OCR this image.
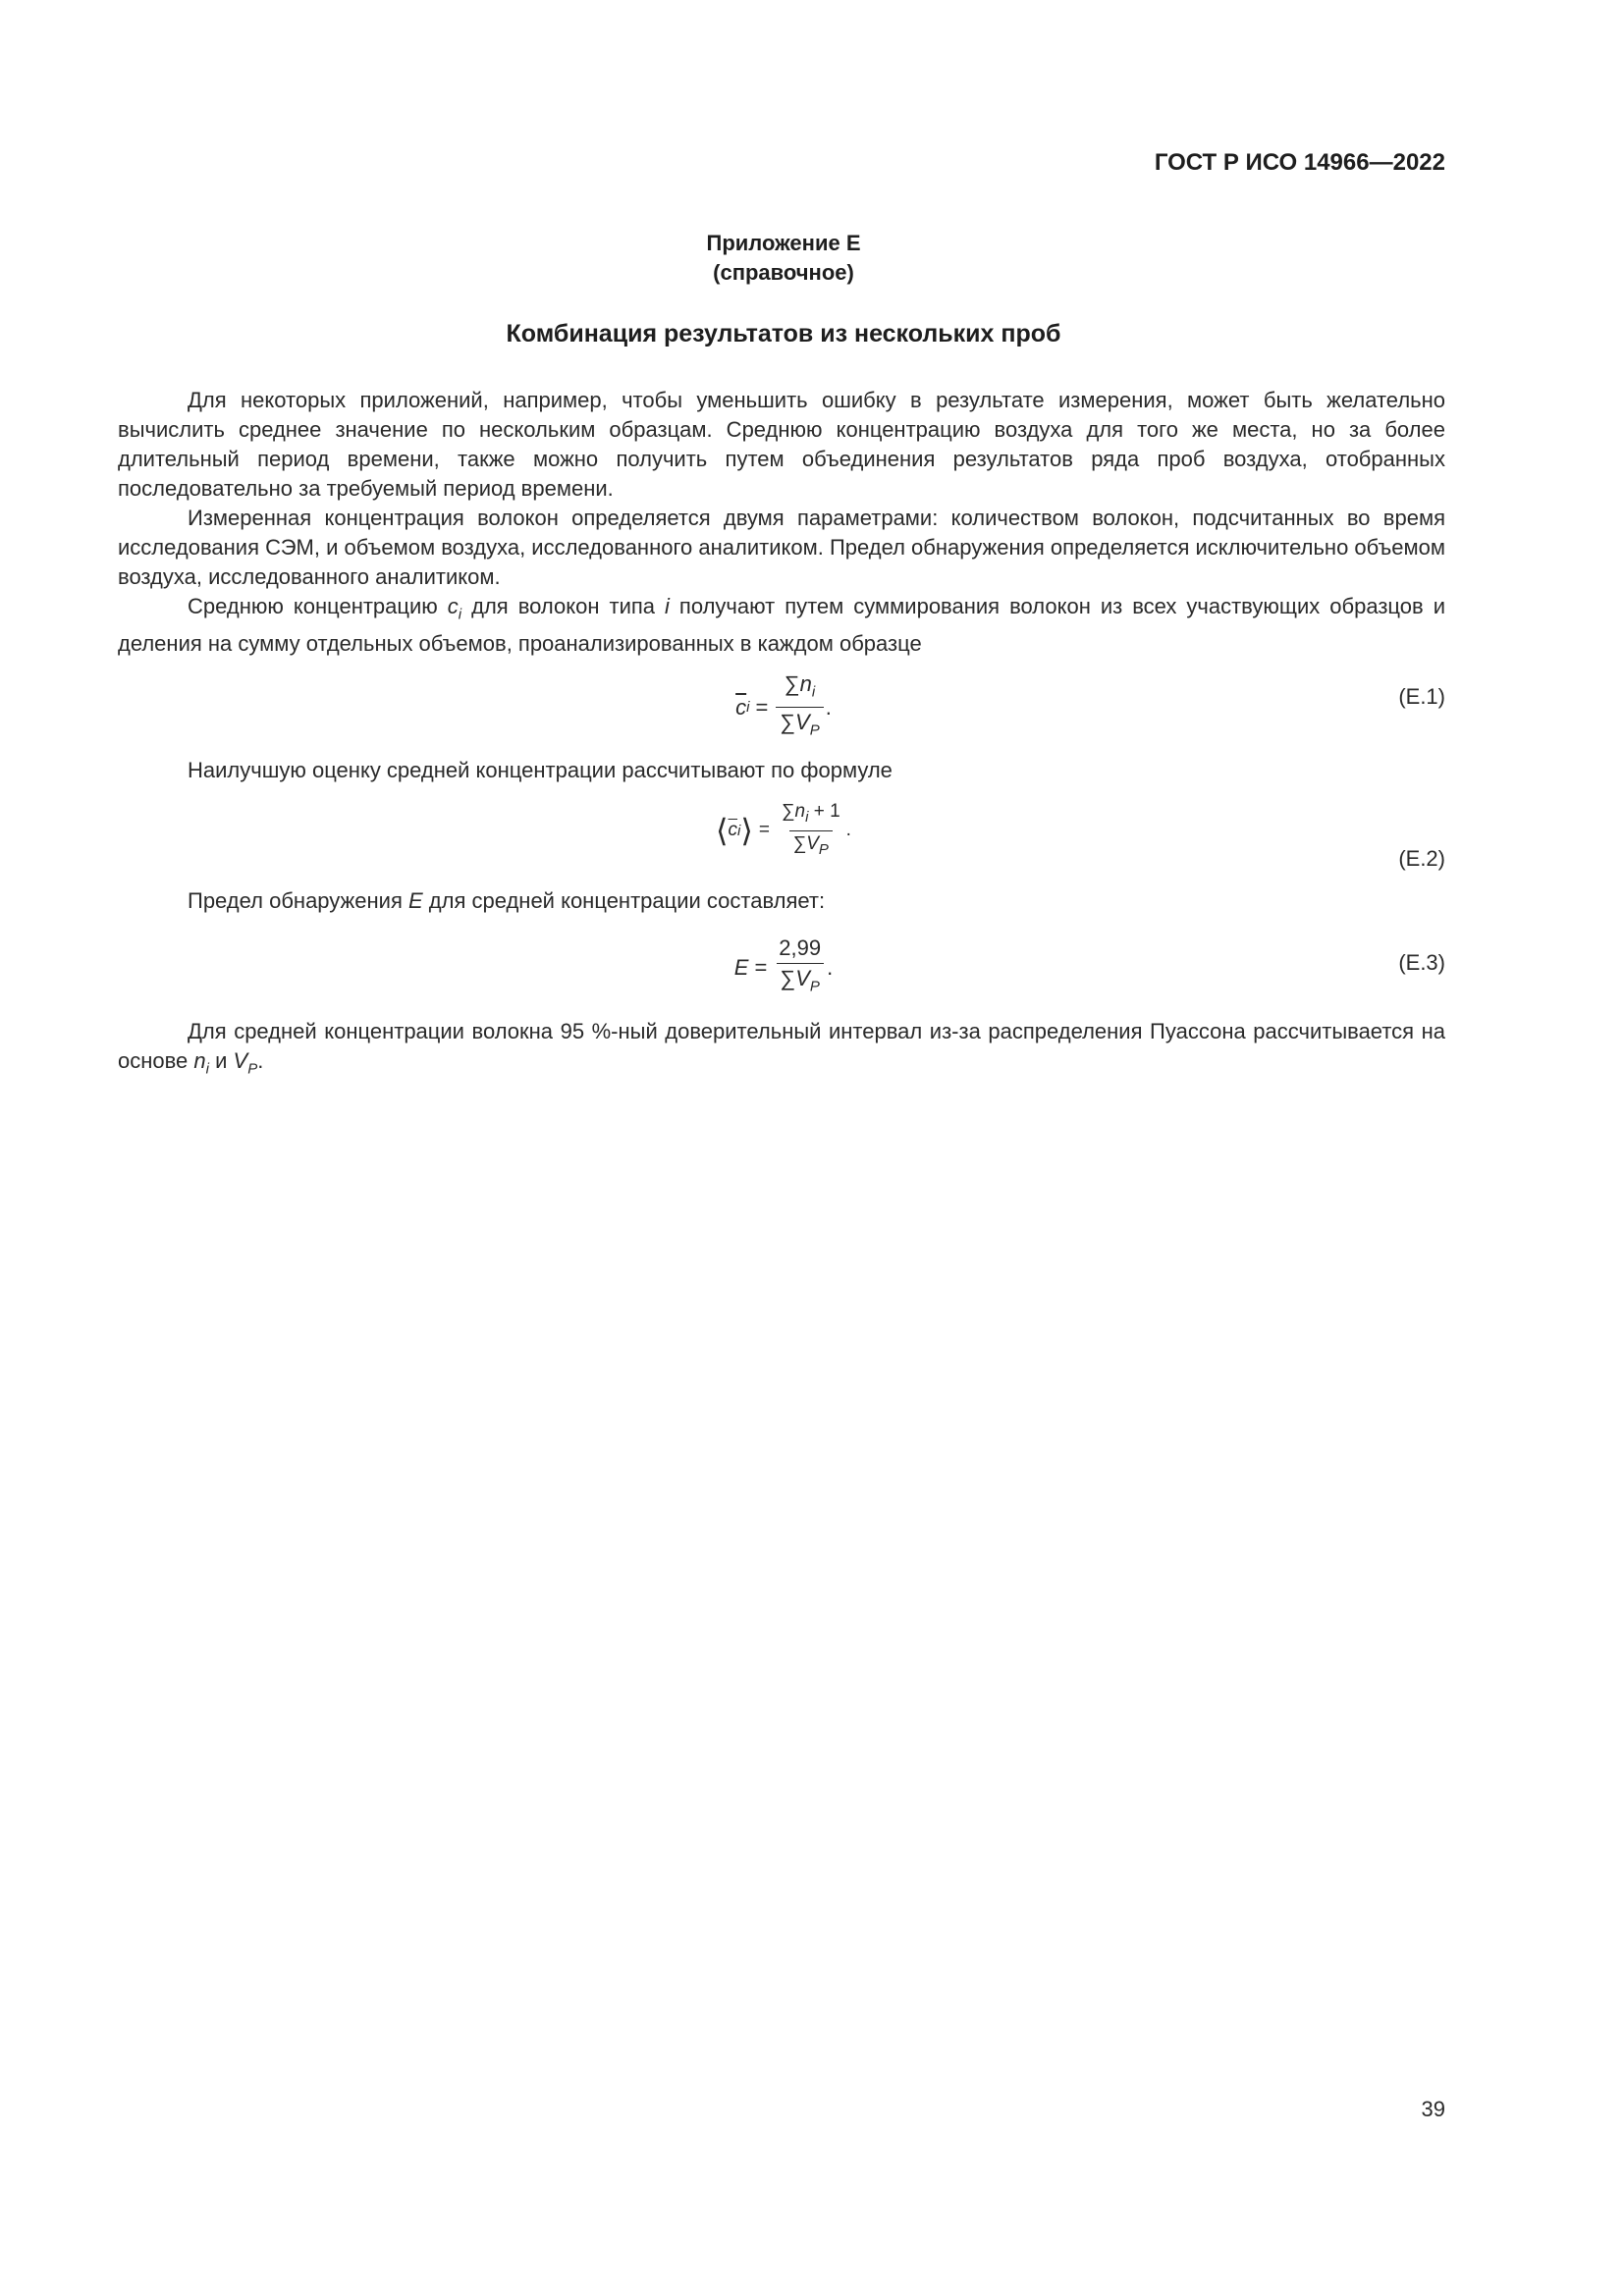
ГОСТ Р ИСО 14966—2022
Приложение Е
(справочное)
Комбинация результатов из нескольких проб
Для некоторых приложений, например, чтобы уменьшить ошибку в результате измерения, может быть желательно вычислить среднее значение по нескольким образцам. Среднюю концентрацию воздуха для того же места, но за более длительный период времени, также можно получить путем объединения результатов ряда проб воздуха, отобранных последовательно за требуемый период времени.
Измеренная концентрация волокон определяется двумя параметрами: количеством волокон, подсчитанных во время исследования СЭМ, и объемом воздуха, исследованного аналитиком. Предел обнаружения определяется исключительно объемом воздуха, исследованного аналитиком.
Среднюю концентрацию $c_i$ для волокон типа i получают путем суммирования волокон из всех участвующих образцов и деления на сумму отдельных объемов, проанализированных в каждом образце
$\overline{c}$ $i = \frac{\sum n_i}{\sum V_P}$ .	(Е.1)
Наилучшую оценку средней концентрации рассчитывают по формуле
⟨ $\overline{c}$ i ⟩ = $\frac{\sum n_i + 1}{\sum V_P}$ .
(Е.2)
Предел обнаружения E для средней концентрации составляет:
$E = \frac{2,99}{\sum V_P}$ .	(Е.3)
Для средней концентрации волокна 95 %-ный доверительный интервал из-за распределения Пуассона рассчитывается на основе $n_i$ и $V_P$.
39
